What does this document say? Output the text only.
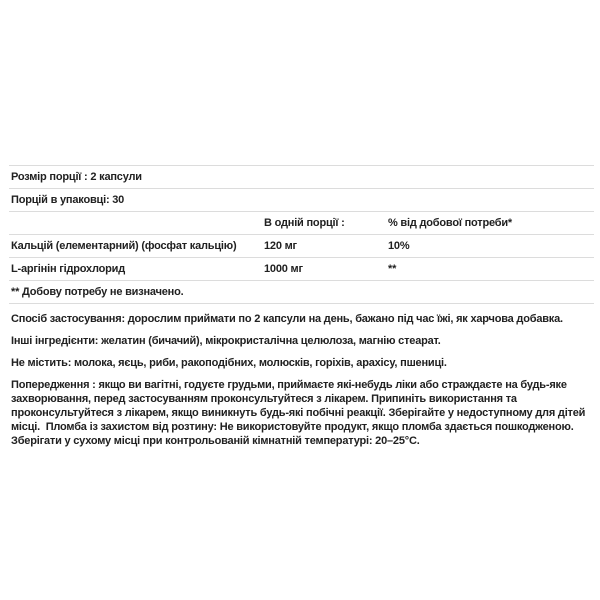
Розмір порції : 2 капсули		
Порцій в упаковці: 30		
	В одній порції :	% від добової потреби*
Кальцій (елементарний) (фосфат кальцію)	120 мг	10%
L-аргінін гідрохлорид	1000 мг	**
** Добову потребу не визначено.		

Спосіб застосування: дорослим приймати по 2 капсули на день, бажано під час їжі, як харчова добавка.

Інші інгредієнти: желатин (бичачий), мікрокристалічна целюлоза, магнію стеарат.

Не містить: молока, яєць, риби, ракоподібних, молюсків, горіхів, арахісу, пшениці.

Попередження : якщо ви вагітні, годуєте грудьми, приймаєте які-небудь ліки або страждаєте на будь-яке захворювання, перед застосуванням проконсультуйтеся з лікарем. Припиніть використання та проконсультуйтеся з лікарем, якщо виникнуть будь-які побічні реакції. Зберігайте у недоступному для дітей місці.  Пломба із захистом від розтину: Не використовуйте продукт, якщо пломба здається пошкодженою. Зберігати у сухому місці при контрольованій кімнатній температурі: 20–25°C.
